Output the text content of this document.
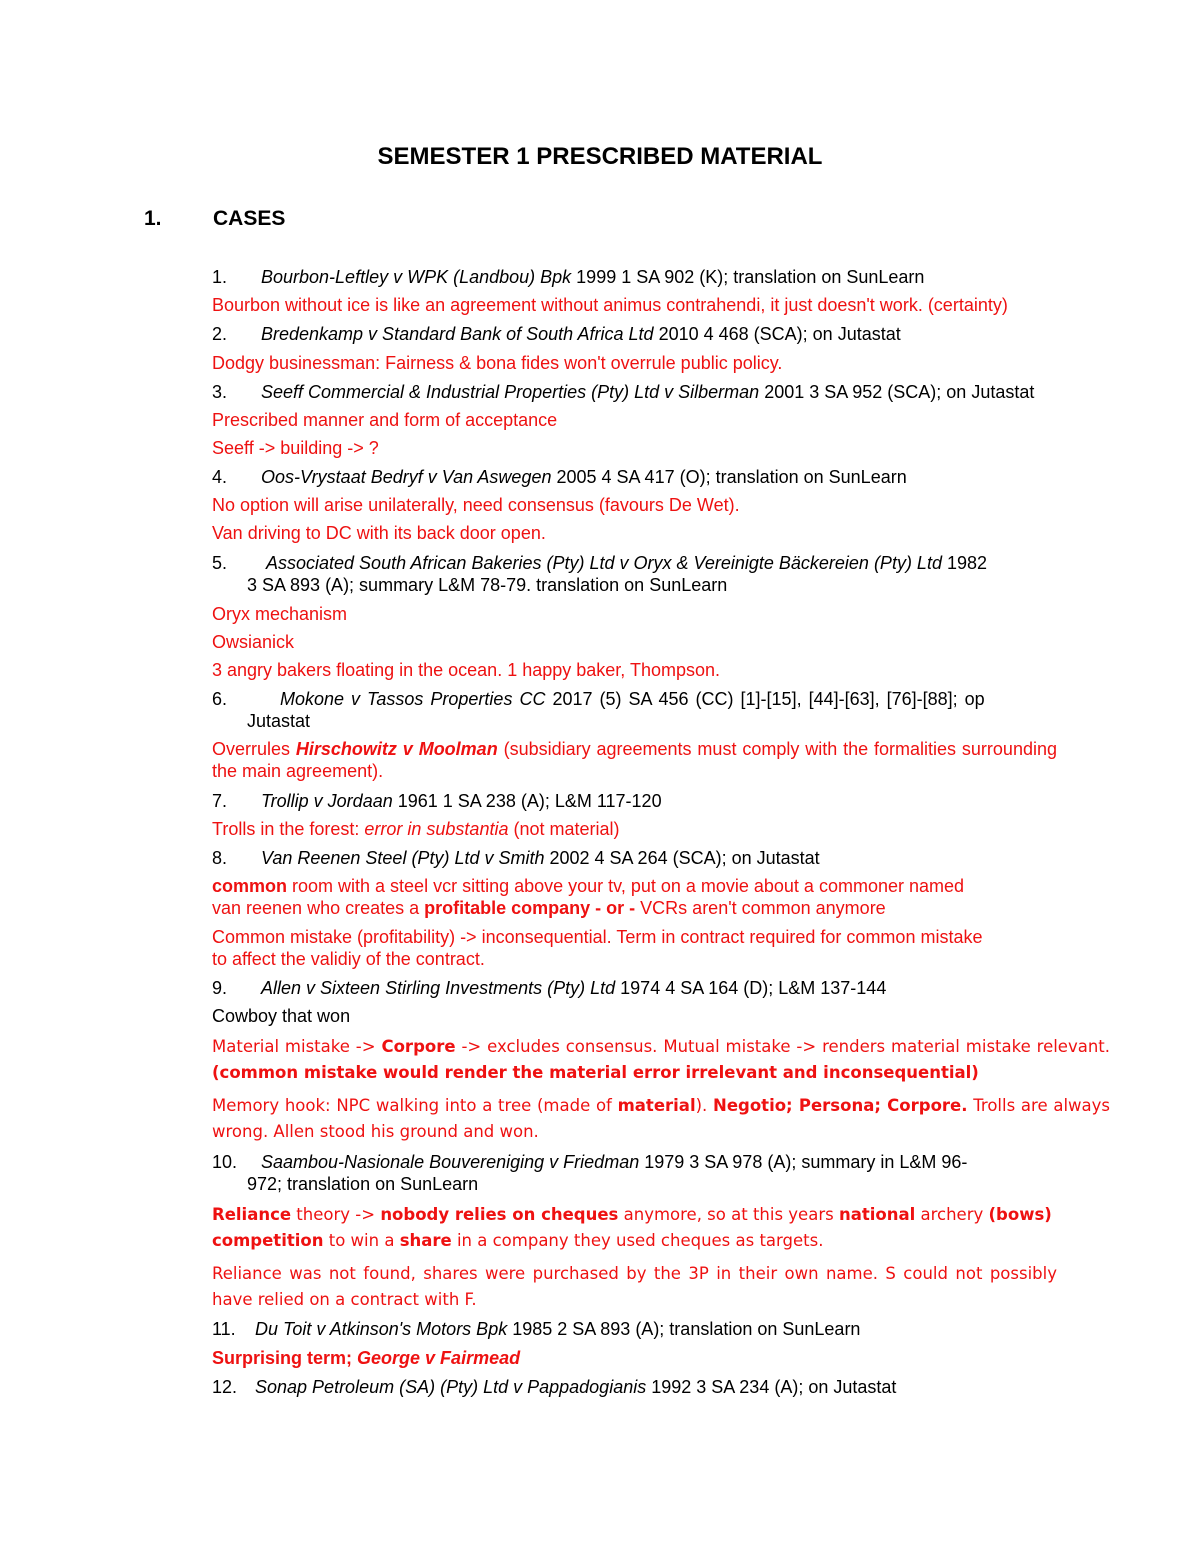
SEMESTER 1 PRESCRIBED MATERIAL
1. CASES
1. Bourbon-Leftley v WPK (Landbou) Bpk 1999 1 SA 902 (K); translation on SunLearn
Bourbon without ice is like an agreement without animus contrahendi, it just doesn't work. (certainty)
2. Bredenkamp v Standard Bank of South Africa Ltd 2010 4 468 (SCA); on Jutastat
Dodgy businessman: Fairness & bona fides won't overrule public policy.
3. Seeff Commercial & Industrial Properties (Pty) Ltd v Silberman 2001 3 SA 952 (SCA); on Jutastat
Prescribed manner and form of acceptance
Seeff -> building -> ?
4. Oos-Vrystaat Bedryf v Van Aswegen 2005 4 SA 417 (O); translation on SunLearn
No option will arise unilaterally, need consensus (favours De Wet).
Van driving to DC with its back door open.
5. Associated South African Bakeries (Pty) Ltd v Oryx & Vereinigte Bäckereien (Pty) Ltd 1982
3 SA 893 (A); summary L&M 78-79. translation on SunLearn
Oryx mechanism
Owsianick
3 angry bakers floating in the ocean. 1 happy baker, Thompson.
6.	Mokone v Tassos Properties CC 2017 (5) SA 456 (CC) [1]-[15], [44]-[63], [76]-[88]; op
Jutastat
Overrules Hirschowitz v Moolman (subsidiary agreements must comply with the formalities surrounding the main agreement).
7. Trollip v Jordaan 1961 1 SA 238 (A); L&M 117-120
Trolls in the forest: error in substantia (not material)
8. Van Reenen Steel (Pty) Ltd v Smith 2002 4 SA 264 (SCA); on Jutastat
common room with a steel vcr sitting above your tv, put on a movie about a commoner named
van reenen who creates a profitable company - or - VCRs aren't common anymore
Common mistake (profitability) -> inconsequential. Term in contract required for common mistake
to affect the validiy of the contract.
9. Allen v Sixteen Stirling Investments (Pty) Ltd 1974 4 SA 164 (D); L&M 137-144
Cowboy that won
Material mistake -> Corpore -> excludes consensus. Mutual mistake -> renders material mistake relevant. (common mistake would render the material error irrelevant and inconsequential)
Memory hook: NPC walking into a tree (made of material). Negotio; Persona; Corpore. Trolls are always wrong. Allen stood his ground and won.
10. Saambou-Nasionale Bouvereniging v Friedman 1979 3 SA 978 (A); summary in L&M 96-
972; translation on SunLearn
Reliance theory -> nobody relies on cheques anymore, so at this years national archery (bows) competition to win a share in a company they used cheques as targets.
Reliance was not found, shares were purchased by the 3P in their own name. S could not possibly have relied on a contract with F.
11. Du Toit v Atkinson's Motors Bpk 1985 2 SA 893 (A); translation on SunLearn
Surprising term; George v Fairmead
12. Sonap Petroleum (SA) (Pty) Ltd v Pappadogianis 1992 3 SA 234 (A); on Jutastat
